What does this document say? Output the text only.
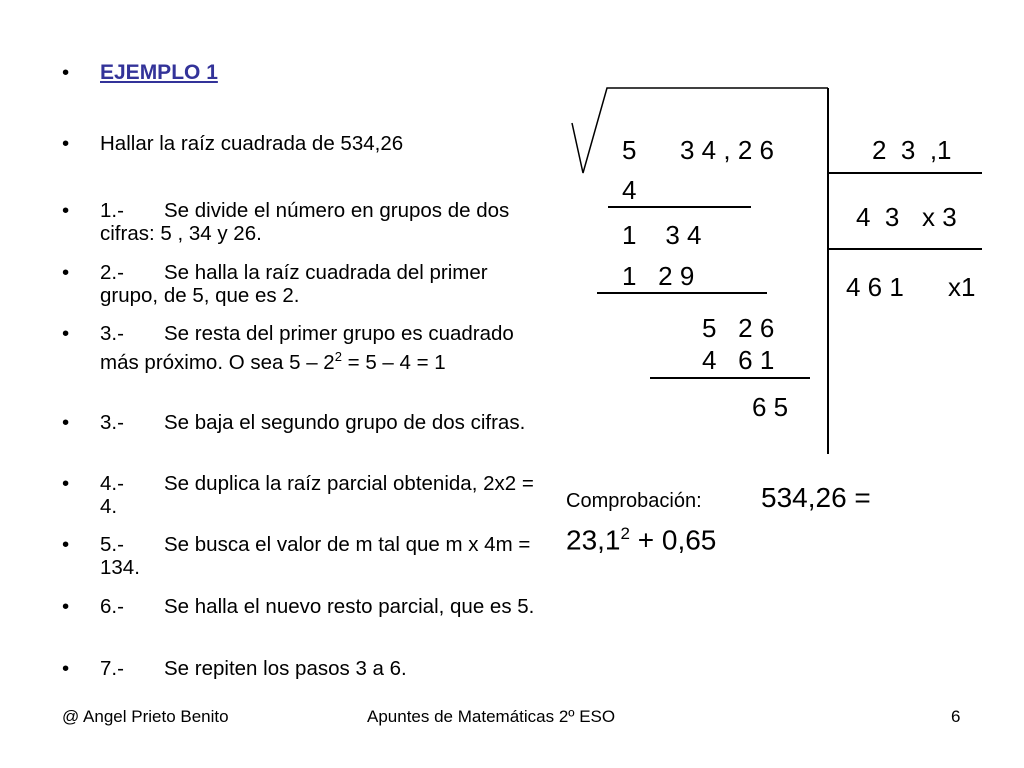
• EJEMPLO 1
• Hallar la raíz cuadrada de 534,26
• 1.- Se divide el número en grupos de dos cifras: 5 , 34 y 26.
• 2.- Se halla la raíz cuadrada del primer grupo, de 5, que es 2.
• 3.- Se resta del primer grupo es cuadrado más próximo. O sea $5 - 2^2 = 5 - 4 = 1$
• 3.- Se baja el segundo grupo de dos cifras.
• 4.- Se duplica la raíz parcial obtenida, 2x2 = 4.
• 5.- Se busca el valor de m tal que m x 4m = 134.
• 6.- Se halla el nuevo resto parcial, que es 5.
• 7.- Se repiten los pasos 3 a 6.
5 3 4 , 2 6
4
1    3 4
1   2 9
5   2 6
4   6 1
6 5
2  3  ,1
4  3 x 3
4 6 1 x1
Comprobación: 534,26 =
$23,1^2 + 0,65$
@ Angel Prieto Benito	Apuntes de Matemáticas 2º ESO	6
